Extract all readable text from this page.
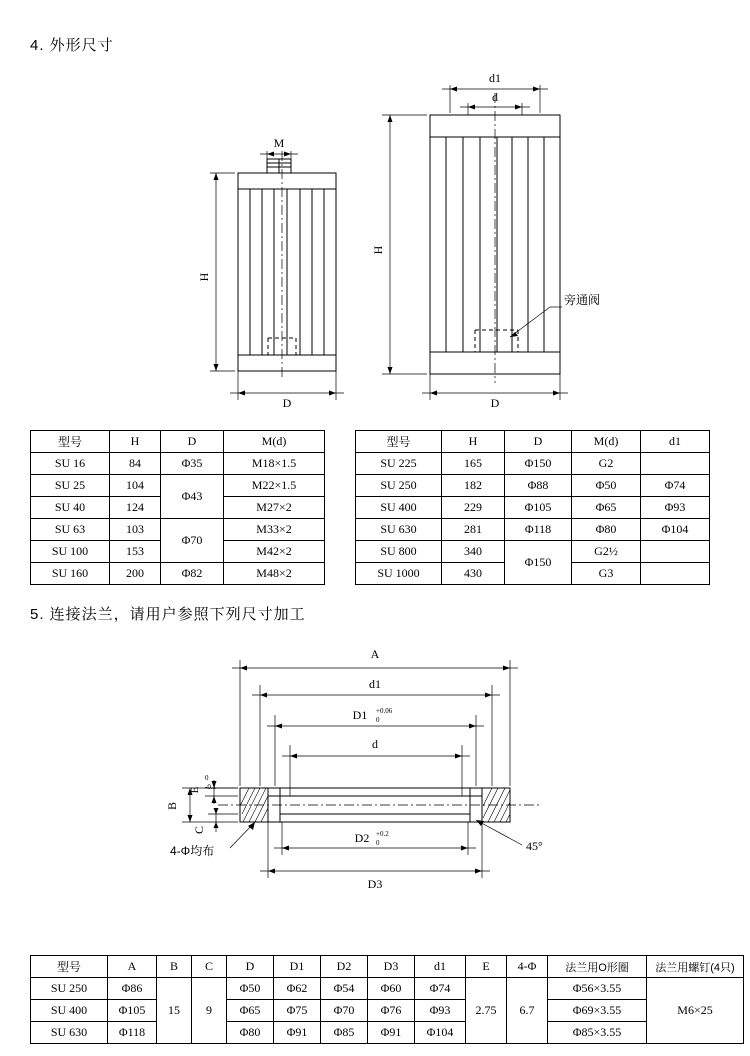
4. 外形尺寸
M
H
D
d1
d
H
D
旁通阀
型号	H	D	M(d)
SU 16	84	Φ35	M18×1.5
SU 25	104	Φ43	M22×1.5
SU 40	124		M27×2
SU 63	103	Φ70	M33×2
SU 100	153		M42×2
SU 160	200	Φ82	M48×2
型号	H	D	M(d)	d1
SU 225	165	Φ150	G2	
SU 250	182	Φ88	Φ50	Φ74
SU 400	229	Φ105	Φ65	Φ93
SU 630	281	Φ118	Φ80	Φ104
SU 800	340	Φ150	G2½	
SU 1000	430		G3	
5. 连接法兰，请用户参照下列尺寸加工
A
d1
D1 +0.06
0
d
D2 +0.2
0
D3
E
0
-0.1
B
C
4-Φ均布	45°
型号	A	B	C	D	D1	D2	D3	d1	E	4-Φ	法兰用O形圈	法兰用螺钉(4只)
SU 250	Φ86	15	9	Φ50	Φ62	Φ54	Φ60	Φ74	2.75	6.7	Φ56×3.55	M6×25
SU 400	Φ105			Φ65	Φ75	Φ70	Φ76	Φ93			Φ69×3.55	
SU 630	Φ118			Φ80	Φ91	Φ85	Φ91	Φ104			Φ85×3.55	
